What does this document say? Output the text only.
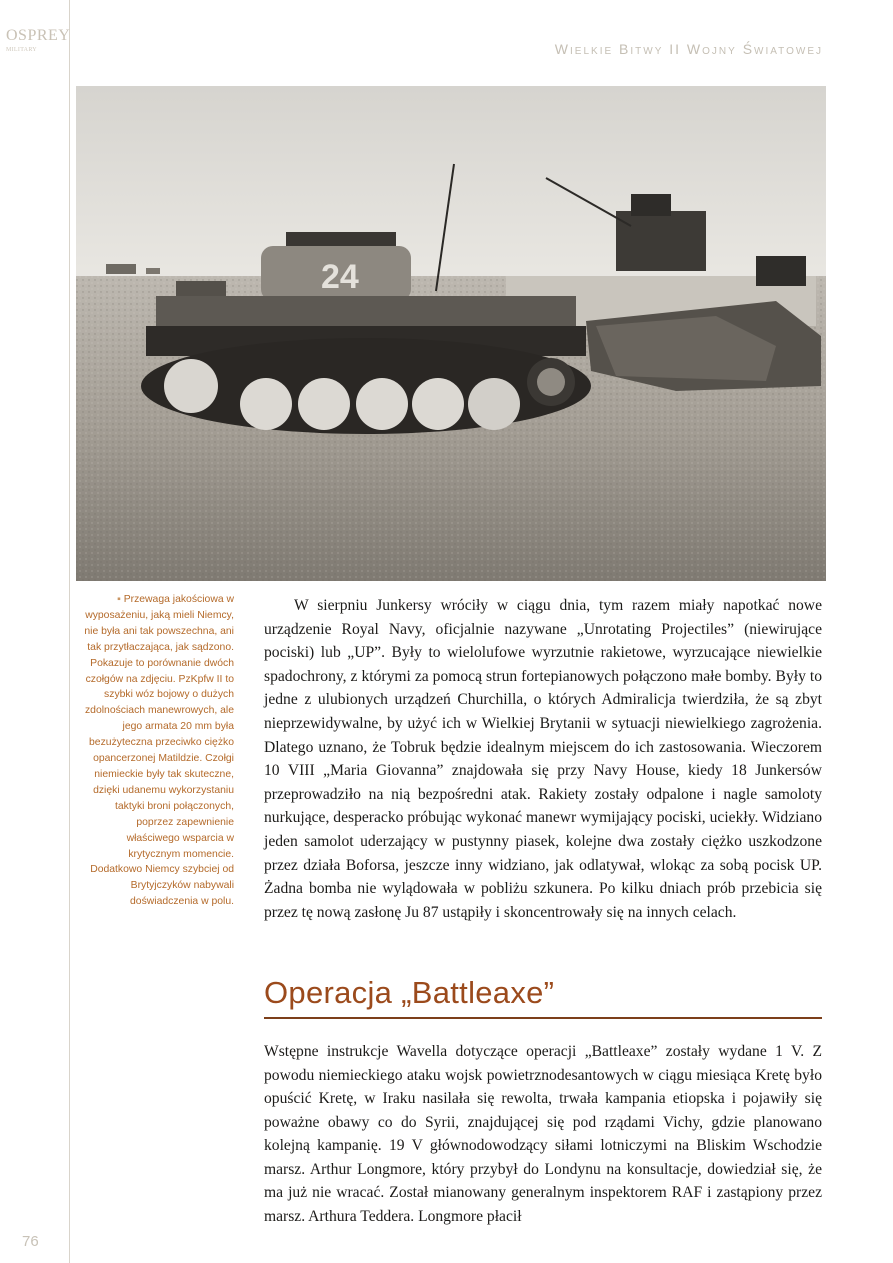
OSPREY
MILITARY	Wielkie Bitwy II Wojny Światowej
24
▪ Przewaga jakościowa w wyposażeniu, jaką mieli Niemcy, nie była ani tak powszechna, ani tak przytłaczająca, jak sądzono. Pokazuje to porównanie dwóch czołgów na zdjęciu. PzKpfw II to szybki wóz bojowy o dużych zdolnościach manewrowych, ale jego armata 20 mm była bezużyteczna przeciwko ciężko opancerzonej Matildzie. Czołgi niemieckie były tak skuteczne, dzięki udanemu wykorzystaniu taktyki broni połączonych, poprzez zapewnienie właściwego wsparcia w krytycznym momencie. Dodatkowo Niemcy szybciej od Brytyjczyków nabywali doświadczenia w polu.
W sierpniu Junkersy wróciły w ciągu dnia, tym razem miały napotkać nowe urządzenie Royal Navy, oficjalnie nazywane „Unrotating Projectiles” (niewirujące pociski) lub „UP”. Były to wielolufowe wyrzutnie rakietowe, wyrzucające niewielkie spadochrony, z którymi za pomocą strun fortepianowych połączono małe bomby. Były to jedne z ulubionych urządzeń Churchilla, o których Admiralicja twierdziła, że są zbyt nieprzewidywalne, by użyć ich w Wielkiej Brytanii w sytuacji niewielkiego zagrożenia. Dlatego uznano, że Tobruk będzie idealnym miejscem do ich zastosowania. Wieczorem 10 VIII „Maria Giovanna” znajdowała się przy Navy House, kiedy 18 Junkersów przeprowadziło na nią bezpośredni atak. Rakiety zostały odpalone i nagle samoloty nurkujące, desperacko próbując wykonać manewr wymijający pociski, uciekły. Widziano jeden samolot uderzający w pustynny piasek, kolejne dwa zostały ciężko uszkodzone przez działa Boforsa, jeszcze inny widziano, jak odlatywał, wlokąc za sobą pocisk UP. Żadna bomba nie wylądowała w pobliżu szkunera. Po kilku dniach prób przebicia się przez tę nową zasłonę Ju 87 ustąpiły i skoncentrowały się na innych celach.
Operacja „Battleaxe”
Wstępne instrukcje Wavella dotyczące operacji „Battleaxe” zostały wydane 1 V. Z powodu niemieckiego ataku wojsk powietrznodesantowych w ciągu miesiąca Kretę było opuścić Kretę, w Iraku nasilała się rewolta, trwała kampania etiopska i pojawiły się poważne obawy co do Syrii, znajdującej się pod rządami Vichy, gdzie planowano kolejną kampanię. 19 V głównodowodzący siłami lotniczymi na Bliskim Wschodzie marsz. Arthur Longmore, który przybył do Londynu na konsultacje, dowiedział się, że ma już nie wracać. Został mianowany generalnym inspektorem RAF i zastąpiony przez marsz. Arthura Teddera. Longmore płacił
76
